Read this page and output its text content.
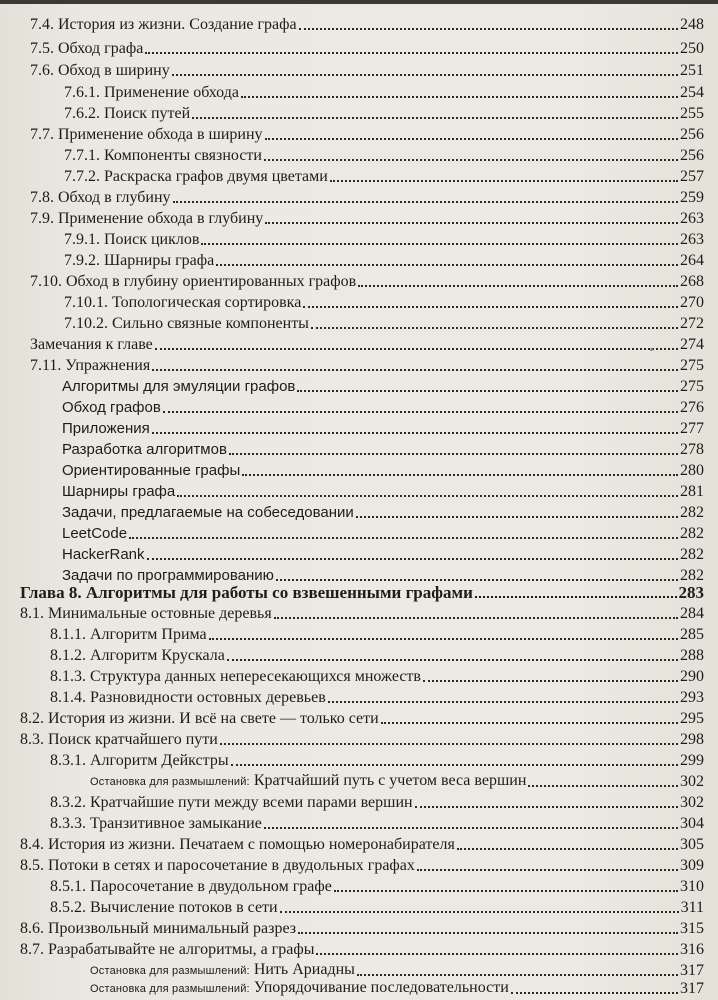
7.4. История из жизни. Создание графа	248
7.5. Обход графа	250
7.6. Обход в ширину	251
7.6.1. Применение обхода	254
7.6.2. Поиск путей	255
7.7. Применение обхода в ширину	256
7.7.1. Компоненты связности	256
7.7.2. Раскраска графов двумя цветами	257
7.8. Обход в глубину	259
7.9. Применение обхода в глубину	263
7.9.1. Поиск циклов	263
7.9.2. Шарниры графа	264
7.10. Обход в глубину ориентированных графов	268
7.10.1. Топологическая сортировка	270
7.10.2. Сильно связные компоненты	272
Замечания к главе	274
7.11. Упражнения	275
Алгоритмы для эмуляции графов	275
Обход графов	276
Приложения	277
Разработка алгоритмов	278
Ориентированные графы	280
Шарниры графа	281
Задачи, предлагаемые на собеседовании	282
LeetCode	282
HackerRank	282
Задачи по программированию	282
Глава 8. Алгоритмы для работы со взвешенными графами	283
8.1. Минимальные остовные деревья	284
8.1.1. Алгоритм Прима	285
8.1.2. Алгоритм Крускала	288
8.1.3. Структура данных непересекающихся множеств	290
8.1.4. Разновидности остовных деревьев	293
8.2. История из жизни. И всё на свете — только сети	295
8.3. Поиск кратчайшего пути	298
8.3.1. Алгоритм Дейкстры	299
Остановка для размышлений: Кратчайший путь с учетом веса вершин	302
8.3.2. Кратчайшие пути между всеми парами вершин	302
8.3.3. Транзитивное замыкание	304
8.4. История из жизни. Печатаем с помощью номеронабирателя	305
8.5. Потоки в сетях и паросочетание в двудольных графах	309
8.5.1. Паросочетание в двудольном графе	310
8.5.2. Вычисление потоков в сети	311
8.6. Произвольный минимальный разрез	315
8.7. Разрабатывайте не алгоритмы, а графы	316
Остановка для размышлений: Нить Ариадны	317
Остановка для размышлений: Упорядочивание последовательности	317
